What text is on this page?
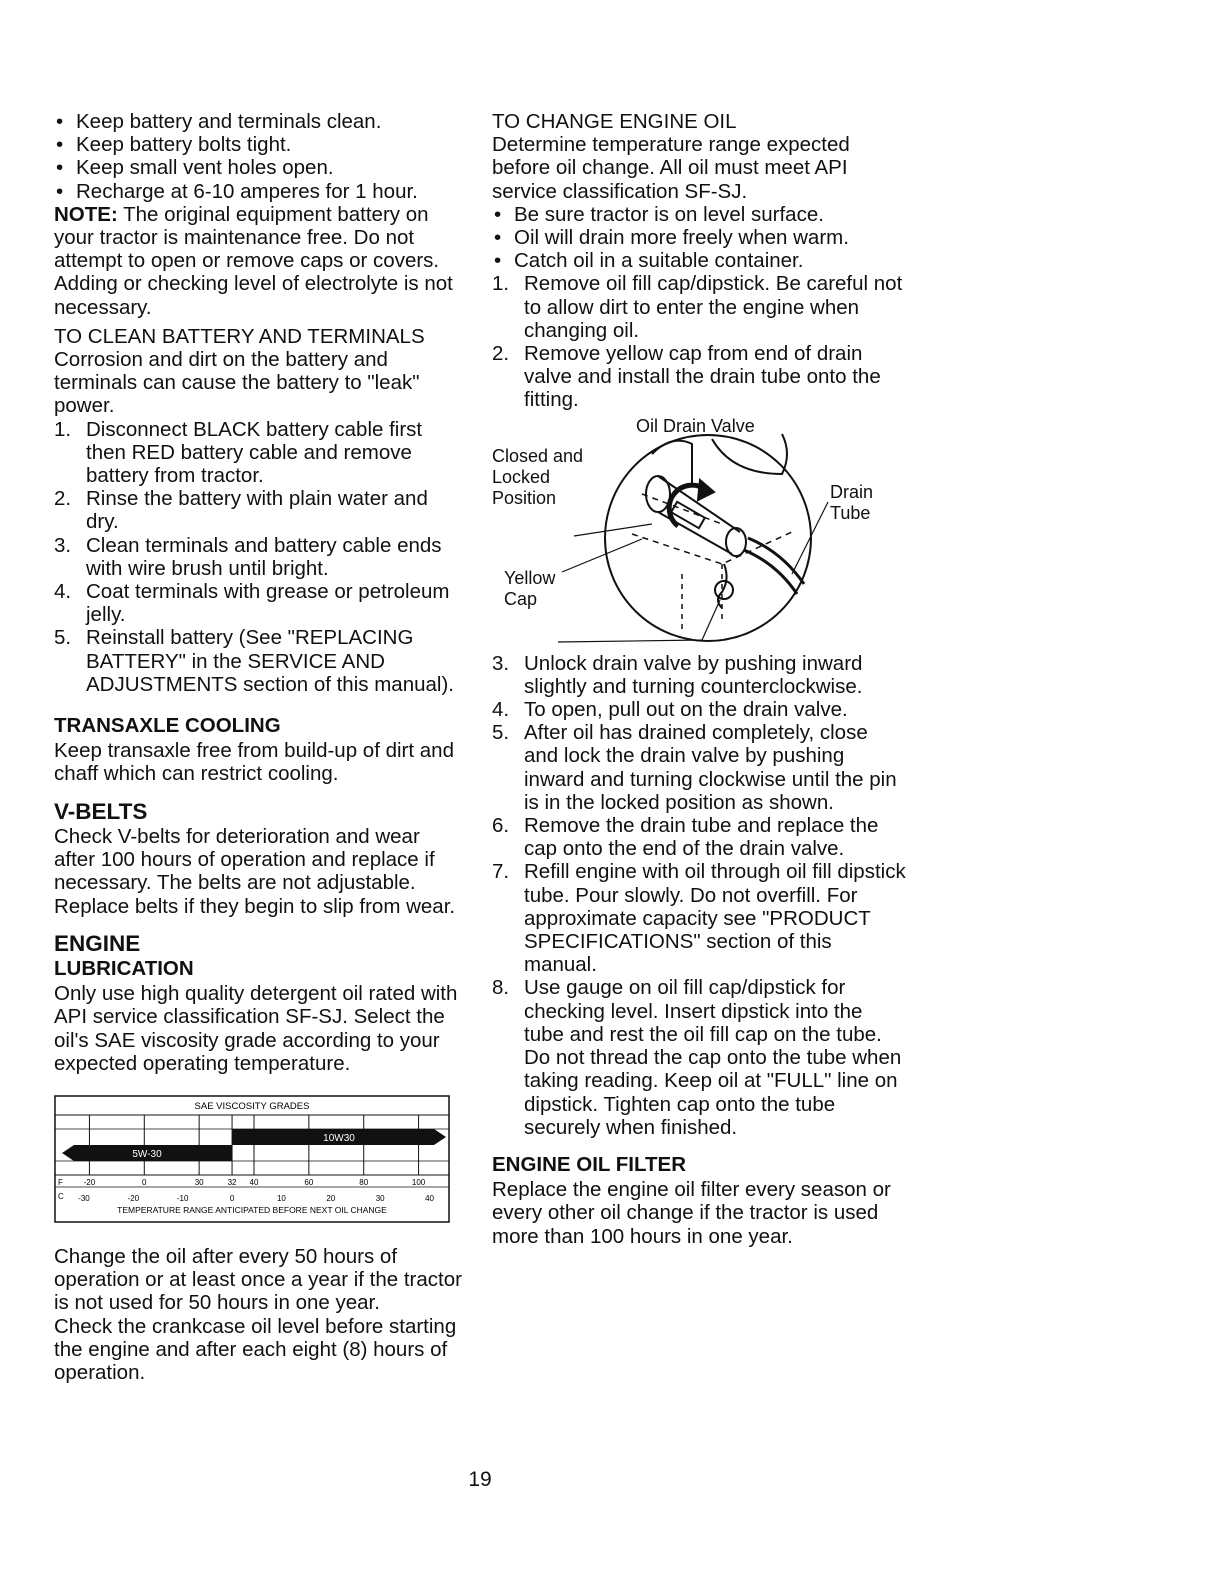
• Keep battery and terminals clean.
• Keep battery bolts tight.
• Keep small vent holes open.
• Recharge at 6-10 amperes for 1 hour.

NOTE: The original equipment battery on your tractor is maintenance free. Do not attempt to open or remove caps or covers. Adding or checking level of electrolyte is not necessary.

TO CLEAN BATTERY AND TERMINALS

Corrosion and dirt on the battery and terminals can cause the battery to "leak" power.

1. Disconnect BLACK battery cable first then RED battery cable and remove battery from tractor.
2. Rinse the battery with plain water and dry.
3. Clean terminals and battery cable ends with wire brush until bright.
4. Coat terminals with grease or petroleum jelly.
5. Reinstall battery (See "REPLACING BATTERY" in the SERVICE AND ADJUSTMENTS section of this manual).

TRANSAXLE COOLING

Keep transaxle free from build-up of dirt and chaff which can restrict cooling.

V-BELTS

Check V-belts for deterioration and wear after 100 hours of operation and replace if necessary. The belts are not adjustable. Replace belts if they begin to slip from wear.

ENGINE

LUBRICATION

Only use high quality detergent oil rated with API service classification SF-SJ. Select the oil's SAE viscosity grade according to your expected operating temperature.

SAE VISCOSITY GRADES
10W30
5W-30
F	-20	0	30	32 40	60	80	100
C -30	-20	-10	0	10	20	30	40
TEMPERATURE RANGE ANTICIPATED BEFORE NEXT OIL CHANGE

Change the oil after every 50 hours of operation or at least once a year if the tractor is not used for 50 hours in one year.

Check the crankcase oil level before starting the engine and after each eight (8) hours of operation.

TO CHANGE ENGINE OIL

Determine temperature range expected before oil change. All oil must meet API service classification SF-SJ.

• Be sure tractor is on level surface.
• Oil will drain more freely when warm.
• Catch oil in a suitable container.
1. Remove oil fill cap/dipstick. Be careful not to allow dirt to enter the engine when changing oil.
2. Remove yellow cap from end of drain valve and install the drain tube onto the fitting.
Oil Drain Valve
Closed and Locked Position	Drain Tube
Yellow Cap
3. Unlock drain valve by pushing inward slightly and turning counterclockwise.
4. To open, pull out on the drain valve.
5. After oil has drained completely, close and lock the drain valve by pushing inward and turning clockwise until the pin is in the locked position as shown.
6. Remove the drain tube and replace the cap onto the end of the drain valve.
7. Refill engine with oil through oil fill dipstick tube. Pour slowly. Do not overfill. For approximate capacity see "PRODUCT SPECIFICATIONS" section of this manual.
8. Use gauge on oil fill cap/dipstick for checking level. Insert dipstick into the tube and rest the oil fill cap on the tube. Do not thread the cap onto the tube when taking reading. Keep oil at "FULL" line on dipstick. Tighten cap onto the tube securely when finished.

ENGINE OIL FILTER

Replace the engine oil filter every season or every other oil change if the tractor is used more than 100 hours in one year.

19
